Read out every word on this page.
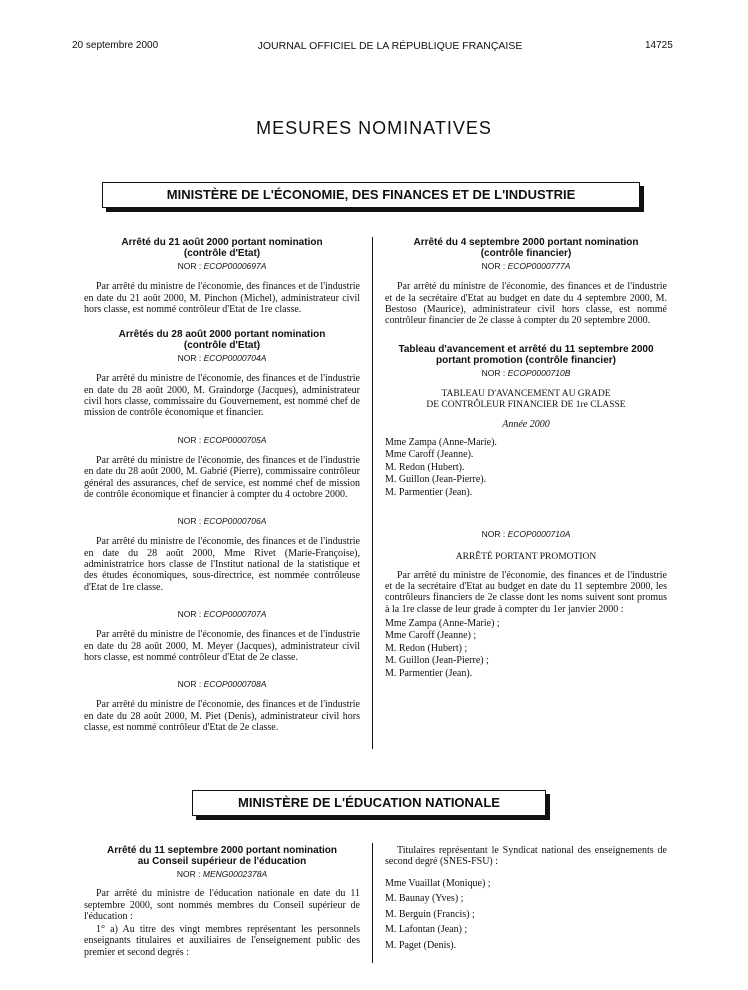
20 septembre 2000	JOURNAL OFFICIEL DE LA RÉPUBLIQUE FRANÇAISE	14725
MESURES NOMINATIVES
MINISTÈRE DE L'ÉCONOMIE, DES FINANCES ET DE L'INDUSTRIE
Arrêté du 21 août 2000 portant nomination
(contrôle d'Etat)
NOR : ECOP0000697A

Par arrêté du ministre de l'économie, des finances et de l'industrie en date du 21 août 2000, M. Pinchon (Michel), administrateur civil hors classe, est nommé contrôleur d'Etat de 1re classe.

Arrêtés du 28 août 2000 portant nomination
(contrôle d'Etat)
NOR : ECOP0000704A

Par arrêté du ministre de l'économie, des finances et de l'industrie en date du 28 août 2000, M. Graindorge (Jacques), administrateur civil hors classe, commissaire du Gouvernement, est nommé chef de mission de contrôle économique et financier.

NOR : ECOP0000705A

Par arrêté du ministre de l'économie, des finances et de l'industrie en date du 28 août 2000, M. Gabrié (Pierre), commissaire contrôleur général des assurances, chef de service, est nommé chef de mission de contrôle économique et financier à compter du 4 octobre 2000.

NOR : ECOP0000706A

Par arrêté du ministre de l'économie, des finances et de l'industrie en date du 28 août 2000, Mme Rivet (Marie-Françoise), administratrice hors classe de l'Institut national de la statistique et des études économiques, sous-directrice, est nommée contrôleuse d'Etat de 1re classe.

NOR : ECOP0000707A

Par arrêté du ministre de l'économie, des finances et de l'industrie en date du 28 août 2000, M. Meyer (Jacques), administrateur civil hors classe, est nommé contrôleur d'Etat de 2e classe.

NOR : ECOP0000708A

Par arrêté du ministre de l'économie, des finances et de l'industrie en date du 28 août 2000, M. Piet (Denis), administrateur civil hors classe, est nommé contrôleur d'Etat de 2e classe.

Arrêté du 4 septembre 2000 portant nomination
(contrôle financier)
NOR : ECOP0000777A

Par arrêté du ministre de l'économie, des finances et de l'industrie et de la secrétaire d'Etat au budget en date du 4 septembre 2000, M. Bestoso (Maurice), administrateur civil hors classe, est nommé contrôleur financier de 2e classe à compter du 20 septembre 2000.

Tableau d'avancement et arrêté du 11 septembre 2000
portant promotion (contrôle financier)
NOR : ECOP0000710B
TABLEAU D'AVANCEMENT AU GRADE
DE CONTRÔLEUR FINANCIER DE 1re CLASSE
Année 2000
Mme Zampa (Anne-Marie).
Mme Caroff (Jeanne).
M. Redon (Hubert).
M. Guillon (Jean-Pierre).
M. Parmentier (Jean).
NOR : ECOP0000710A
ARRÊTÉ PORTANT PROMOTION

Par arrêté du ministre de l'économie, des finances et de l'industrie et de la secrétaire d'Etat au budget en date du 11 septembre 2000, les contrôleurs financiers de 2e classe dont les noms suivent sont promus à la 1re classe de leur grade à compter du 1er janvier 2000 :

Mme Zampa (Anne-Marie) ;
Mme Caroff (Jeanne) ;
M. Redon (Hubert) ;
M. Guillon (Jean-Pierre) ;
M. Parmentier (Jean).
MINISTÈRE DE L'ÉDUCATION NATIONALE
Arrêté du 11 septembre 2000 portant nomination
au Conseil supérieur de l'éducation
NOR : MENG0002378A

Par arrêté du ministre de l'éducation nationale en date du 11 septembre 2000, sont nommés membres du Conseil supérieur de l'éducation :

1° a) Au titre des vingt membres représentant les personnels enseignants titulaires et auxiliaires de l'enseignement public des premier et second degrés :

Titulaires représentant le Syndicat national des enseignements de second degré (SNES-FSU) :

Mme Vuaillat (Monique) ;
M. Baunay (Yves) ;
M. Berguin (Francis) ;
M. Lafontan (Jean) ;
M. Paget (Denis).
